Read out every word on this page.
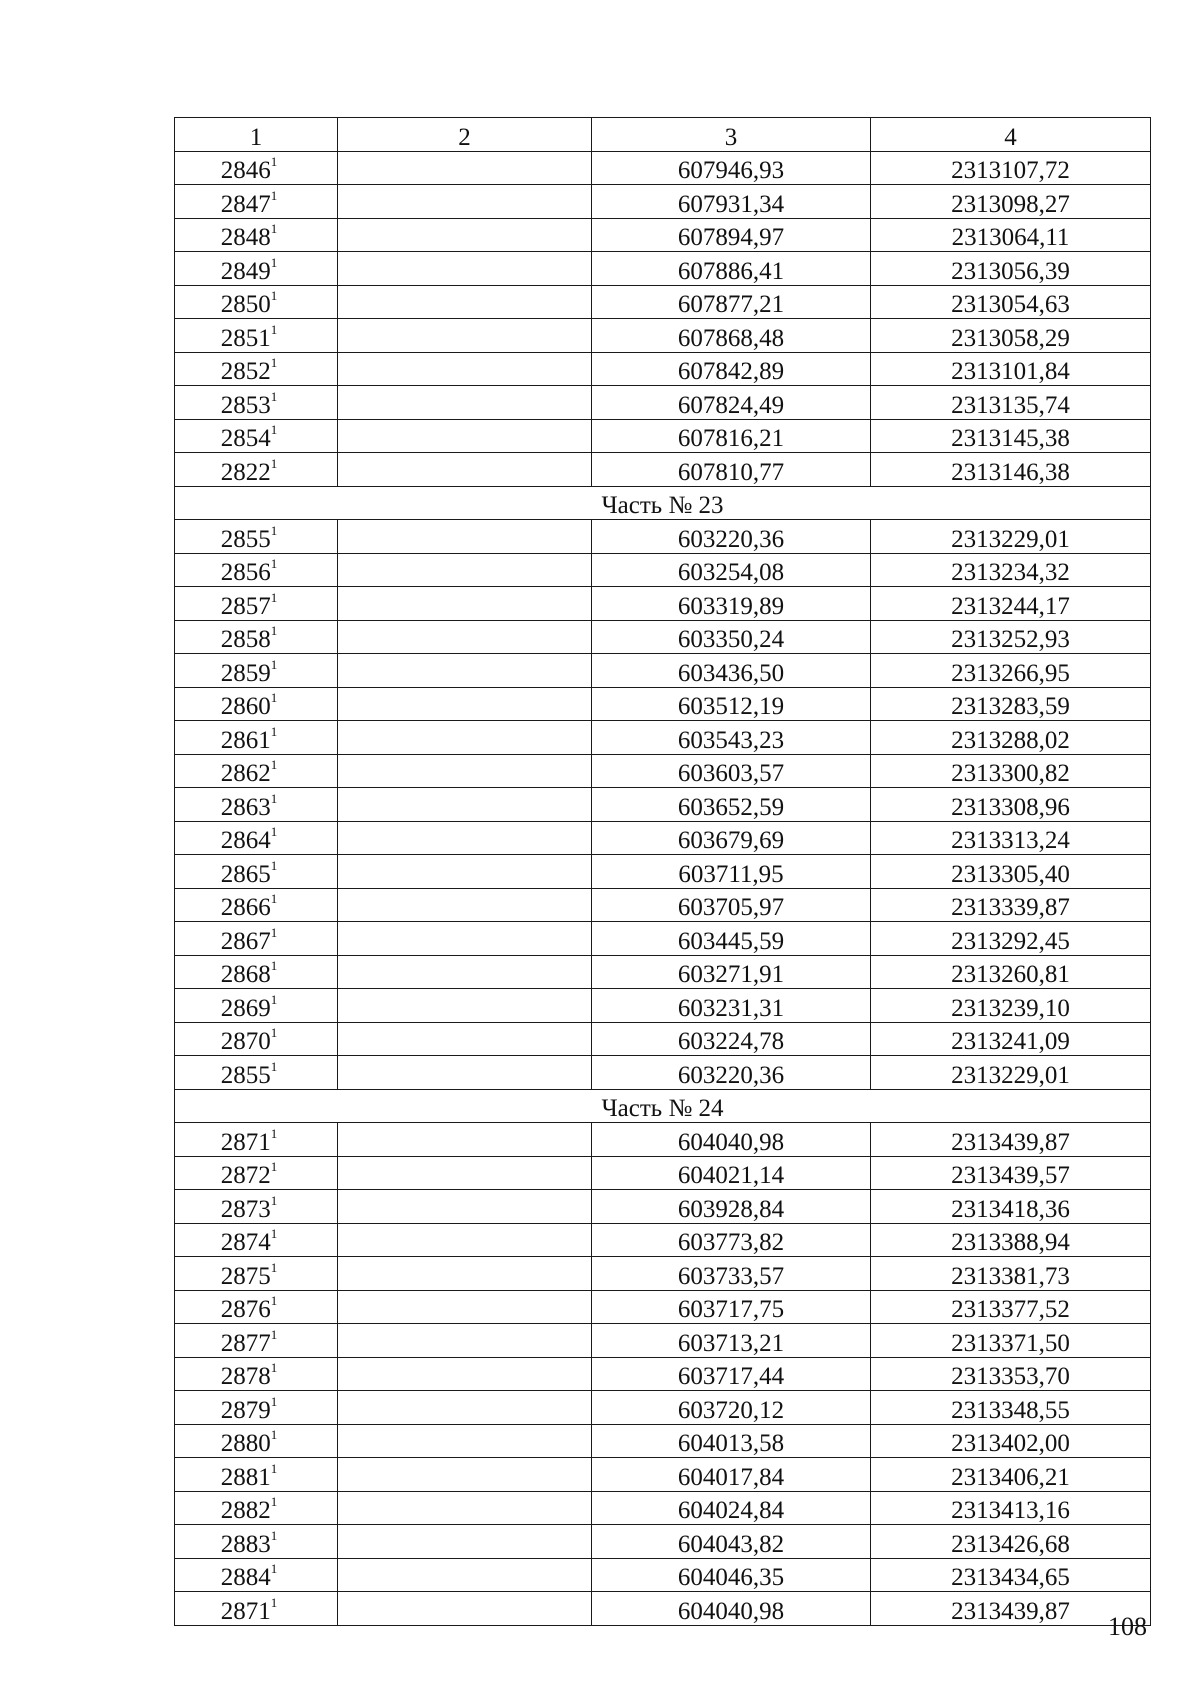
1	2	3	4
2846$^1$		607946,93	2313107,72
2847$^1$		607931,34	2313098,27
2848$^1$		607894,97	2313064,11
2849$^1$		607886,41	2313056,39
2850$^1$		607877,21	2313054,63
2851$^1$		607868,48	2313058,29
2852$^1$		607842,89	2313101,84
2853$^1$		607824,49	2313135,74
2854$^1$		607816,21	2313145,38
2822$^1$		607810,77	2313146,38
Часть № 23			
2855$^1$		603220,36	2313229,01
2856$^1$		603254,08	2313234,32
2857$^1$		603319,89	2313244,17
2858$^1$		603350,24	2313252,93
2859$^1$		603436,50	2313266,95
2860$^1$		603512,19	2313283,59
2861$^1$		603543,23	2313288,02
2862$^1$		603603,57	2313300,82
2863$^1$		603652,59	2313308,96
2864$^1$		603679,69	2313313,24
2865$^1$		603711,95	2313305,40
2866$^1$		603705,97	2313339,87
2867$^1$		603445,59	2313292,45
2868$^1$		603271,91	2313260,81
2869$^1$		603231,31	2313239,10
2870$^1$		603224,78	2313241,09
2855$^1$		603220,36	2313229,01
Часть № 24			
2871$^1$		604040,98	2313439,87
2872$^1$		604021,14	2313439,57
2873$^1$		603928,84	2313418,36
2874$^1$		603773,82	2313388,94
2875$^1$		603733,57	2313381,73
2876$^1$		603717,75	2313377,52
2877$^1$		603713,21	2313371,50
2878$^1$		603717,44	2313353,70
2879$^1$		603720,12	2313348,55
2880$^1$		604013,58	2313402,00
2881$^1$		604017,84	2313406,21
2882$^1$		604024,84	2313413,16
2883$^1$		604043,82	2313426,68
2884$^1$		604046,35	2313434,65
2871$^1$		604040,98	2313439,87
108
